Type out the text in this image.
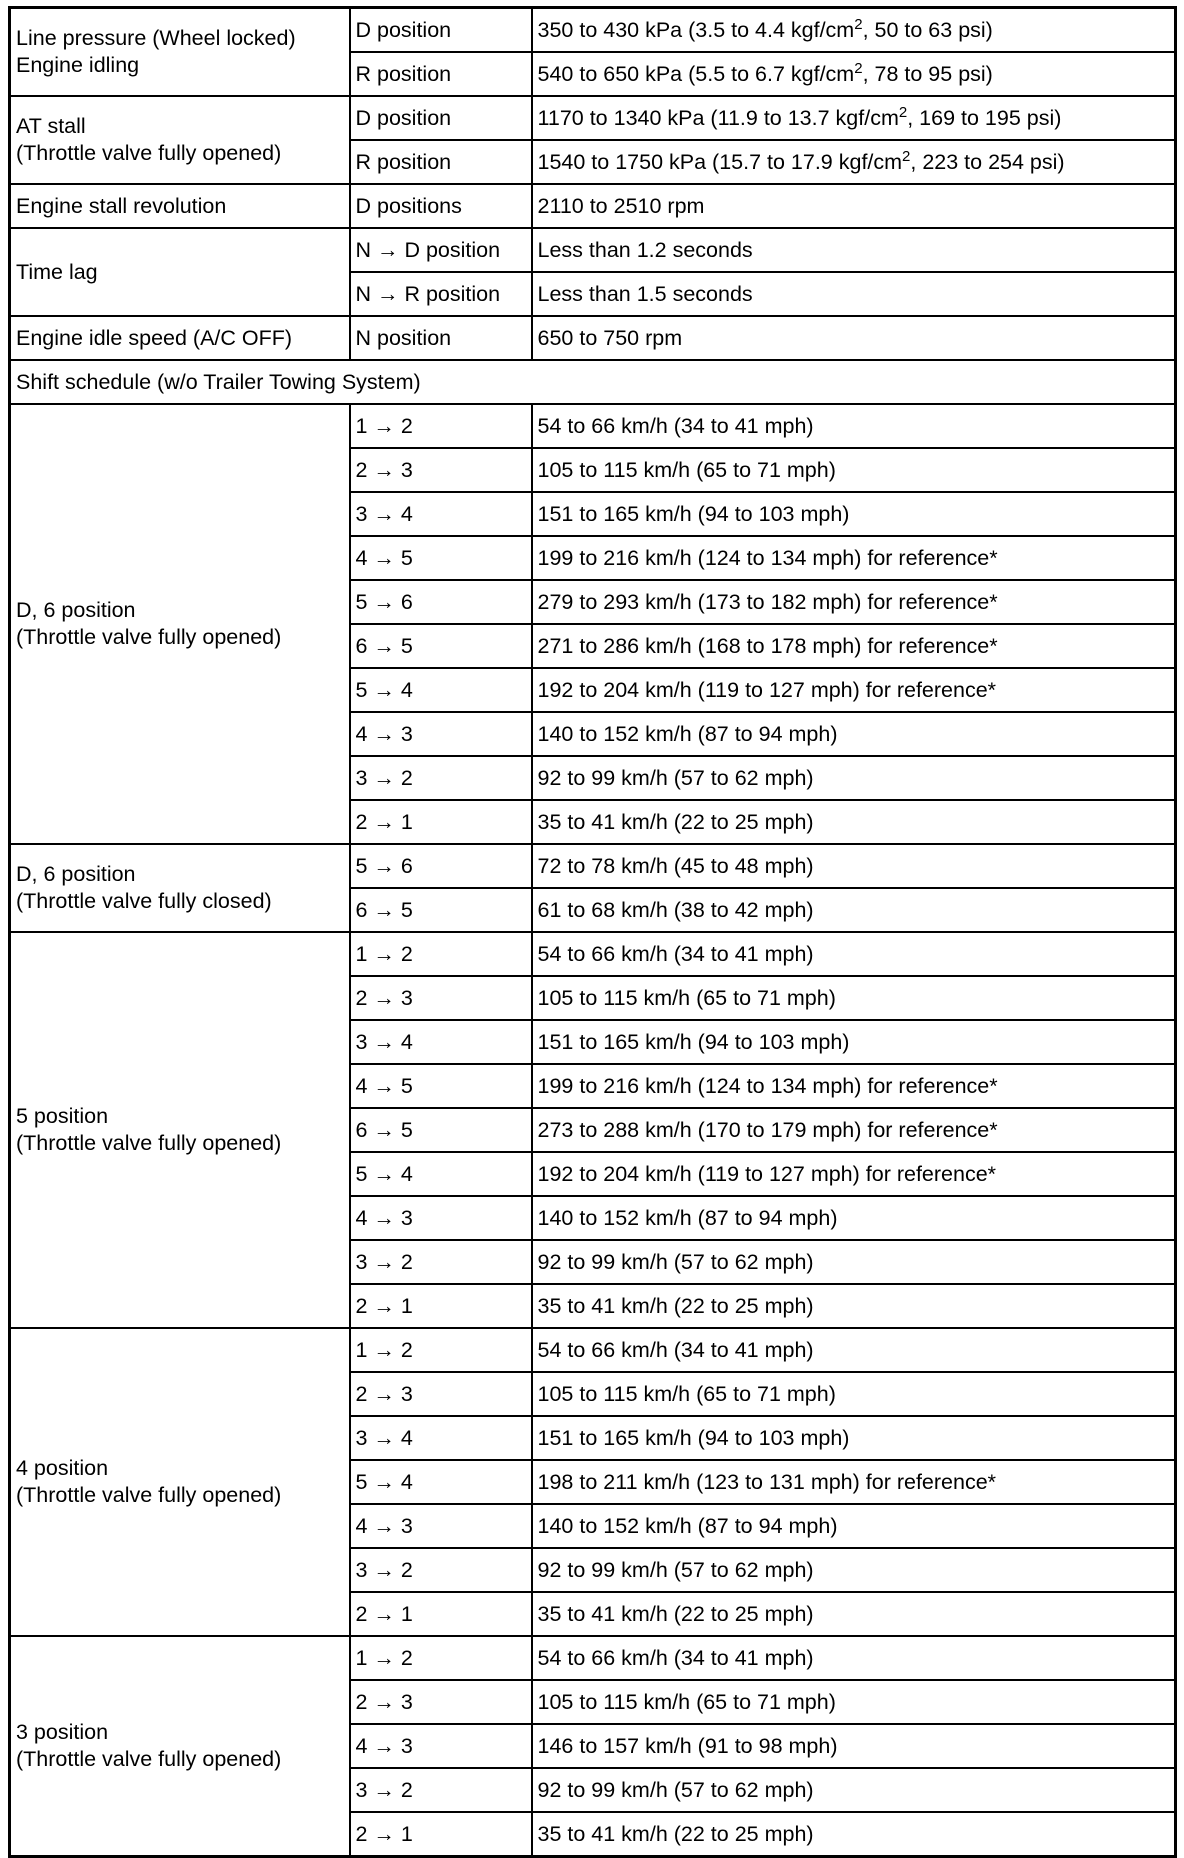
Line pressure (Wheel locked)
Engine idling	D position	350 to 430 kPa (3.5 to 4.4 kgf/$cm^2$, 50 to 63 psi)
	R position	540 to 650 kPa (5.5 to 6.7 kgf/$cm^2$, 78 to 95 psi)

AT stall
(Throttle valve fully opened)	D position	1170 to 1340 kPa (11.9 to 13.7 kgf/$cm^2$, 169 to 195 psi)
	R position	1540 to 1750 kPa (15.7 to 17.9 kgf/$cm^2$, 223 to 254 psi)
Engine stall revolution	D positions	2110 to 2510 rpm
Time lag	N → D position	Less than 1.2 seconds
	N → R position	Less than 1.5 seconds
Engine idle speed (A/C OFF)	N position	650 to 750 rpm
Shift schedule (w/o Trailer Towing System)		

D, 6 position
(Throttle valve fully opened)	1 → 2	54 to 66 km/h (34 to 41 mph)
	2 → 3	105 to 115 km/h (65 to 71 mph)
	3 → 4	151 to 165 km/h (94 to 103 mph)
	4 → 5	199 to 216 km/h (124 to 134 mph) for reference*
	5 → 6	279 to 293 km/h (173 to 182 mph) for reference*
	6 → 5	271 to 286 km/h (168 to 178 mph) for reference*
	5 → 4	192 to 204 km/h (119 to 127 mph) for reference*
	4 → 3	140 to 152 km/h (87 to 94 mph)
	3 → 2	92 to 99 km/h (57 to 62 mph)
	2 → 1	35 to 41 km/h (22 to 25 mph)

D, 6 position
(Throttle valve fully closed)	5 → 6	72 to 78 km/h (45 to 48 mph)
	6 → 5	61 to 68 km/h (38 to 42 mph)

5 position
(Throttle valve fully opened)	1 → 2	54 to 66 km/h (34 to 41 mph)
	2 → 3	105 to 115 km/h (65 to 71 mph)
	3 → 4	151 to 165 km/h (94 to 103 mph)
	4 → 5	199 to 216 km/h (124 to 134 mph) for reference*
	6 → 5	273 to 288 km/h (170 to 179 mph) for reference*
	5 → 4	192 to 204 km/h (119 to 127 mph) for reference*
	4 → 3	140 to 152 km/h (87 to 94 mph)
	3 → 2	92 to 99 km/h (57 to 62 mph)
	2 → 1	35 to 41 km/h (22 to 25 mph)

4 position
(Throttle valve fully opened)	1 → 2	54 to 66 km/h (34 to 41 mph)
	2 → 3	105 to 115 km/h (65 to 71 mph)
	3 → 4	151 to 165 km/h (94 to 103 mph)
	5 → 4	198 to 211 km/h (123 to 131 mph) for reference*
	4 → 3	140 to 152 km/h (87 to 94 mph)
	3 → 2	92 to 99 km/h (57 to 62 mph)
	2 → 1	35 to 41 km/h (22 to 25 mph)

3 position
(Throttle valve fully opened)	1 → 2	54 to 66 km/h (34 to 41 mph)
	2 → 3	105 to 115 km/h (65 to 71 mph)
	4 → 3	146 to 157 km/h (91 to 98 mph)
	3 → 2	92 to 99 km/h (57 to 62 mph)
	2 → 1	35 to 41 km/h (22 to 25 mph)
